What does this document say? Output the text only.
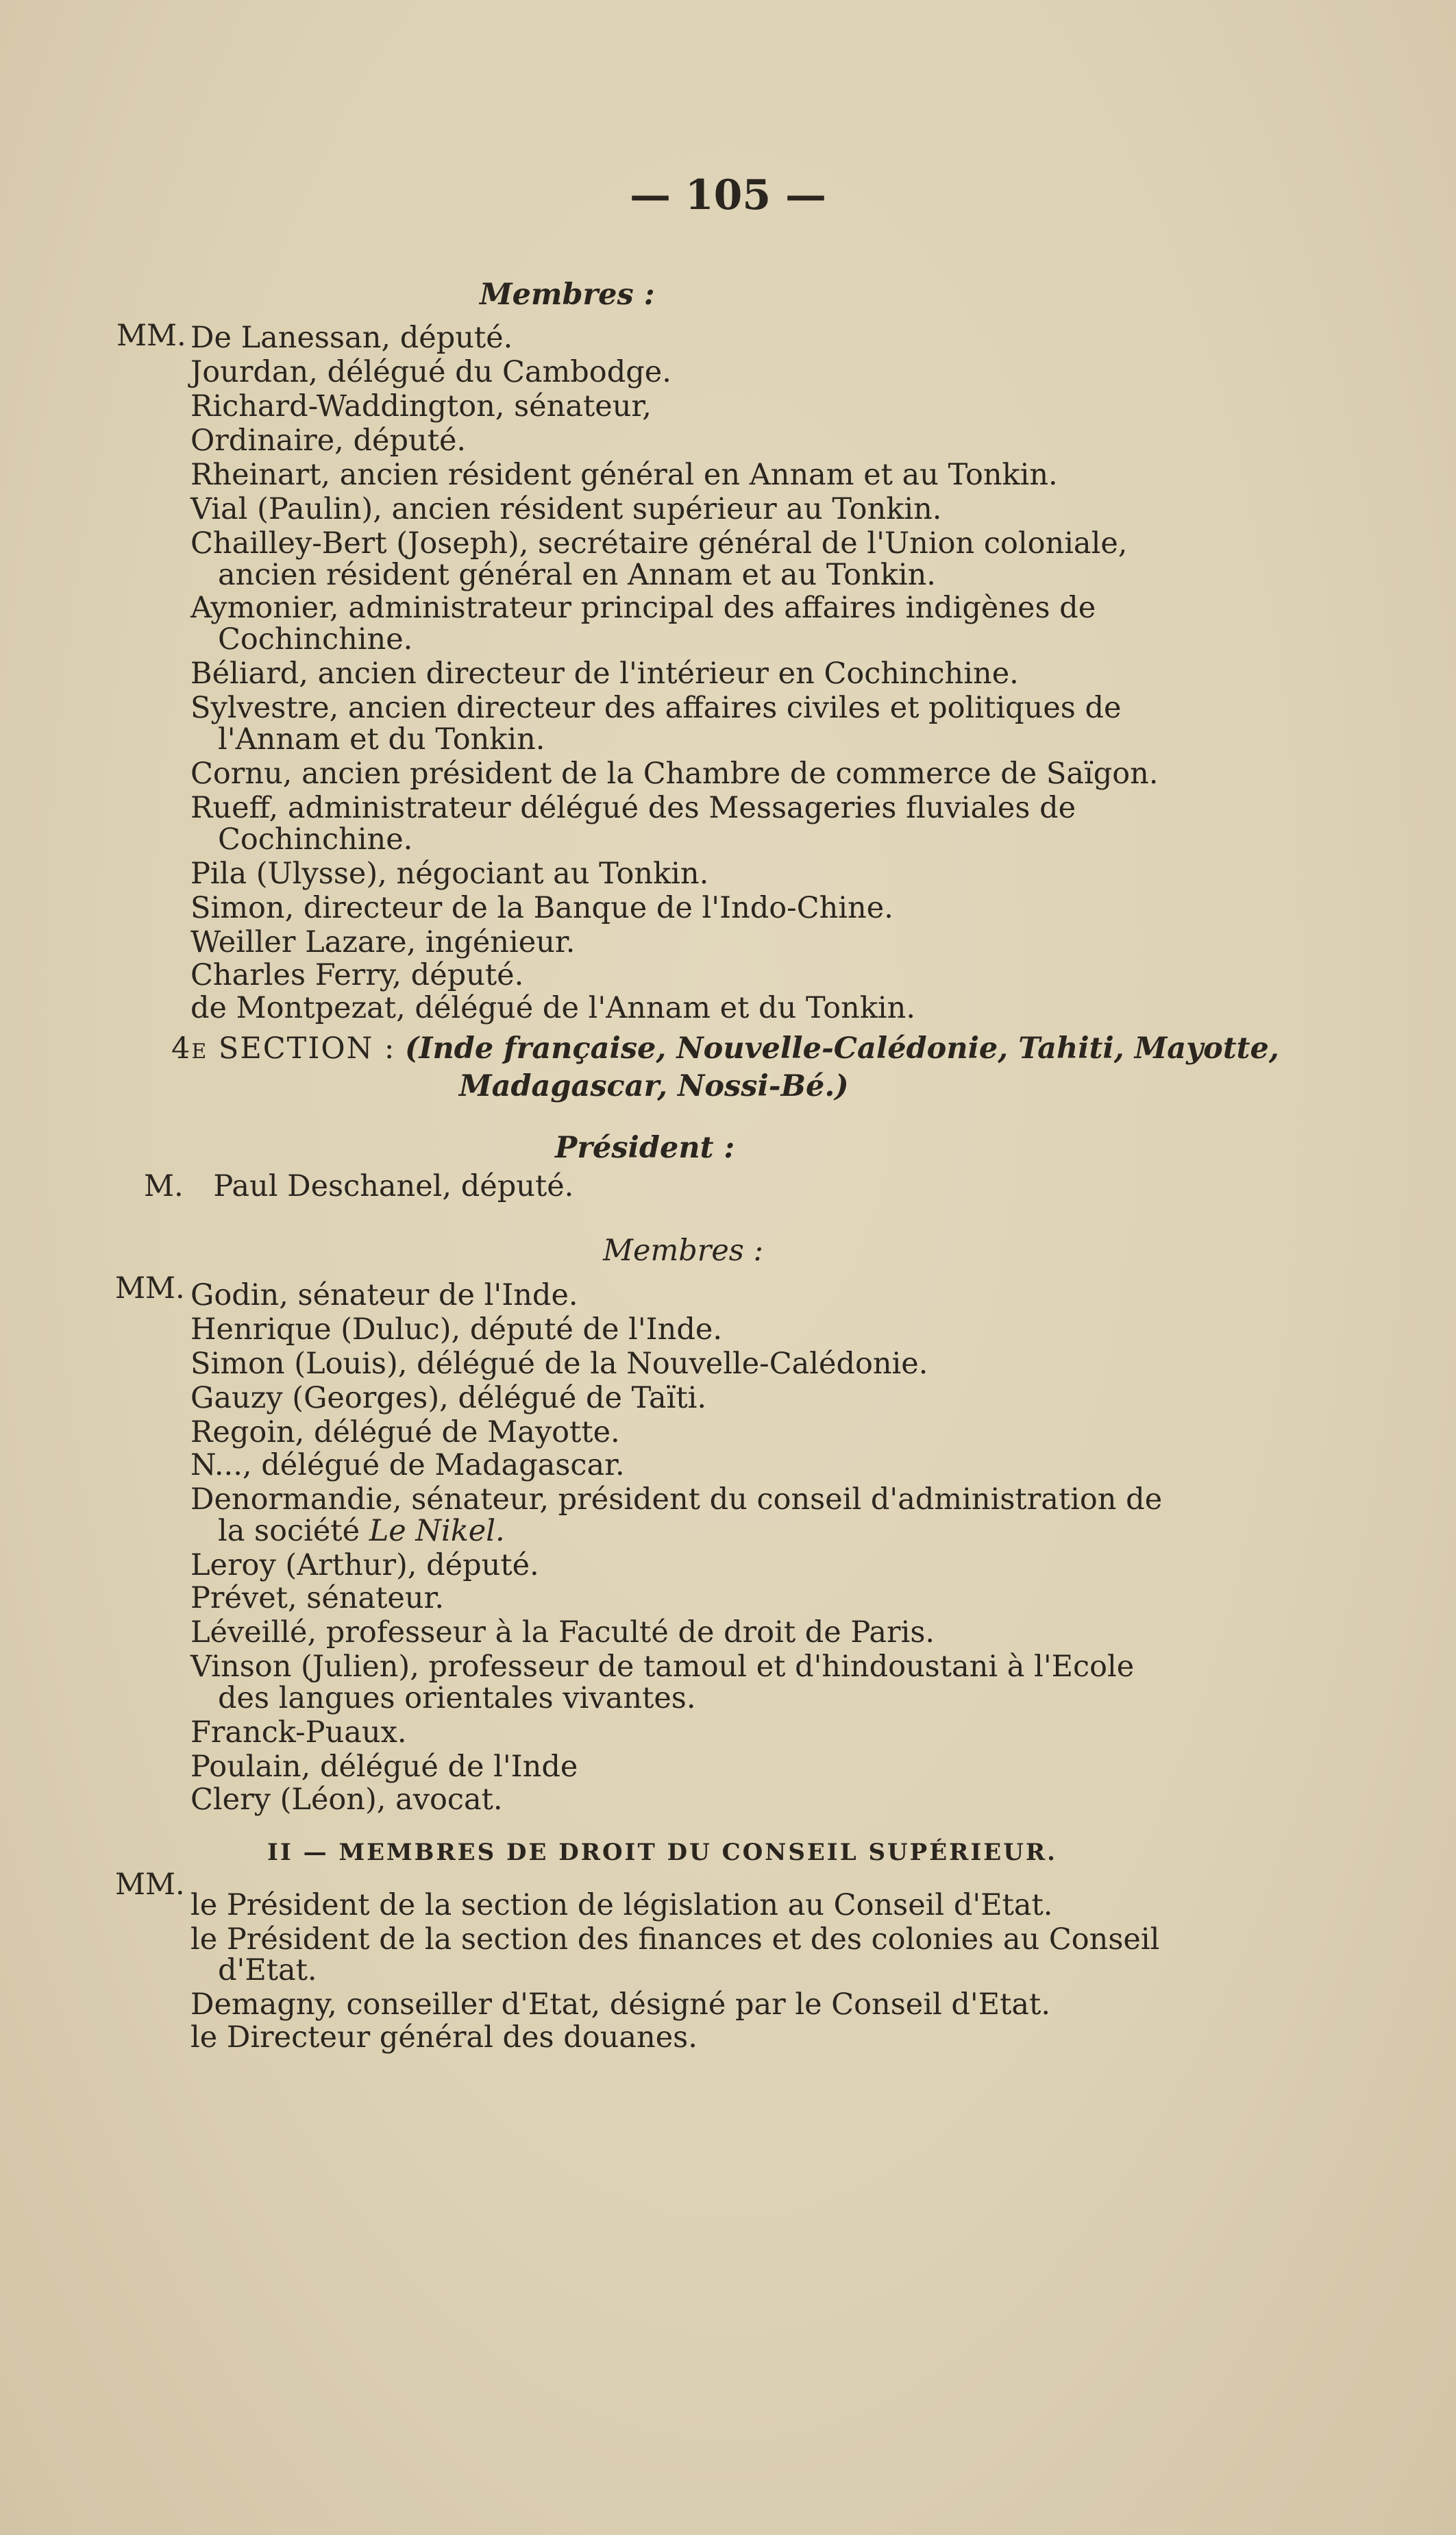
— 105 —
Membres :
MM. De Lanessan, député.
Jourdan, délégué du Cambodge.
Richard-Waddington, sénateur,
Ordinaire, député.
Rheinart, ancien résident général en Annam et au Tonkin.
Vial (Paulin), ancien résident supérieur au Tonkin.
Chailley-Bert (Joseph), secrétaire général de l'Union coloniale,
ancien résident général en Annam et au Tonkin.
Aymonier, administrateur principal des affaires indigènes de
Cochinchine.
Béliard, ancien directeur de l'intérieur en Cochinchine.
Sylvestre, ancien directeur des affaires civiles et politiques de
l'Annam et du Tonkin.
Cornu, ancien président de la Chambre de commerce de Saïgon.
Rueff, administrateur délégué des Messageries fluviales de
Cochinchine.
Pila (Ulysse), négociant au Tonkin.
Simon, directeur de la Banque de l'Indo-Chine.
Weiller Lazare, ingénieur.
Charles Ferry, député.
de Montpezat, délégué de l'Annam et du Tonkin.
4e SECTION : (Inde française, Nouvelle-Calédonie, Tahiti, Mayotte,
Madagascar, Nossi-Bé.)
Président :
M. Paul Deschanel, député.
Membres :
MM. Godin, sénateur de l'Inde.
Henrique (Duluc), député de l'Inde.
Simon (Louis), délégué de la Nouvelle-Calédonie.
Gauzy (Georges), délégué de Taïti.
Regoin, délégué de Mayotte.
N..., délégué de Madagascar.
Denormandie, sénateur, président du conseil d'administration de
la société Le Nikel.
Leroy (Arthur), député.
Prévet, sénateur.
Léveillé, professeur à la Faculté de droit de Paris.
Vinson (Julien), professeur de tamoul et d'hindoustani à l'Ecole
des langues orientales vivantes.
Franck-Puaux.
Poulain, délégué de l'Inde
Clery (Léon), avocat.
II — MEMBRES DE DROIT DU CONSEIL SUPÉRIEUR.
MM.
le Président de la section de législation au Conseil d'Etat.
le Président de la section des finances et des colonies au Conseil
d'Etat.
Demagny, conseiller d'Etat, désigné par le Conseil d'Etat.
le Directeur général des douanes.
